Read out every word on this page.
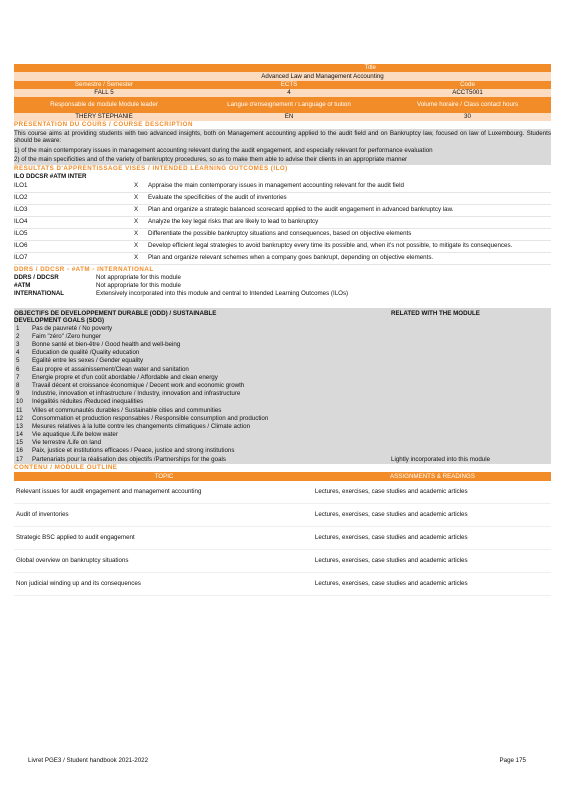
Title
Advanced Law and Management Accounting
Semestre / Semester	ECTS	Code
FALL 5	4	ACCT5001
Responsable de module Module leader	Langue d'enseignement / Language of tuition	Volume horaire / Class contact hours
THERY STEPHANIE	EN	30
PRESENTATION DU COURS / COURSE DESCRIPTION
This course aims at providing students with two advanced insights, both on Management accounting applied to the audit field and on Bankruptcy law, focused on law of Luxembourg. Students should be aware:
1) of the main contemporary issues in management accounting relevant during the audit engagement, and especially relevant for performance evaluation
2) of the main specificities and of the variety of bankruptcy procedures, so as to make them able to advise their clients in an appropriate manner
RESULTATS D'APPRENTISSAGE VISES / INTENDED LEARNING OUTCOMES (ILO)
ILO DDCSR #ATM INTER
ILO1	X	Appraise the main contemporary issues in management accounting relevant for the audit field
ILO2	X	Evaluate the specificities of the audit of inventories
ILO3	X	Plan and organize a strategic balanced scorecard applied to the audit engagement in advanced bankruptcy law.
ILO4	X	Analyze the key legal risks that are likely to lead to bankruptcy
ILO5	X	Differentiate the possible bankruptcy situations and consequences, based on objective elements
ILO6	X	Develop efficient legal strategies to avoid bankruptcy every time its possible and, when it's not possible, to mitigate its consequences.
ILO7	X	Plan and organize relevant schemes when a company goes bankrupt, depending on objective elements.
DDRS / DDCSR - #ATM - INTERNATIONAL
DDRS / DDCSR	Not appropriate for this module
#ATM	Not appropriate for this module
INTERNATIONAL	Extensively incorporated into this module and central to Intended Learning Outcomes (ILOs)
OBJECTIFS DE DEVELOPPEMENT DURABLE (ODD) / SUSTAINABLE
DEVELOPMENT GOALS (SDG)
RELATED WITH THE MODULE
1	Pas de pauvreté / No poverty
2	Faim "zéro" /Zero hunger
3	Bonne santé et bien-être / Good health and well-being
4	Education de qualité /Quality education
5	Egalité entre les sexes / Gender equality
6	Eau propre et assainissement/Clean water and sanitation
7	Energie propre et d'un coût abordable / Affordable and clean energy
8	Travail décent et croissance économique / Decent work and economic growth
9	Industrie, innovation et infrastructure / Industry, innovation and infrastructure
10	Inégalités réduites /Reduced inequalities
11	Villes et communautés durables / Sustainable cities and communities
12	Consommation et production responsables / Responsible consumption and production
13	Mesures relatives à la lutte contre les changements climatiques / Climate action
14	Vie aquatique /Life below water
15	Vie terrestre /Life on land
16	Paix, justice et institutions efficaces / Peace, justice and strong institutions
17	Partenariats pour la réalisation des objectifs /Partnerships for the goals	Lightly incorporated into this module
CONTENU / MODULE OUTLINE
TOPIC	ASSIGNMENTS & READINGS
Relevant issues for audit engagement and management accounting	Lectures, exercises, case studies and academic articles
Audit of inventories	Lectures, exercises, case studies and academic articles
Strategic BSC applied to audit engagement	Lectures, exercises, case studies and academic articles
Global overview on bankruptcy situations	Lectures, exercises, case studies and academic articles
Non judicial winding up and its consequences	Lectures, exercises, case studies and academic articles
Livret PGE3 / Student handbook 2021-2022	Page 175
